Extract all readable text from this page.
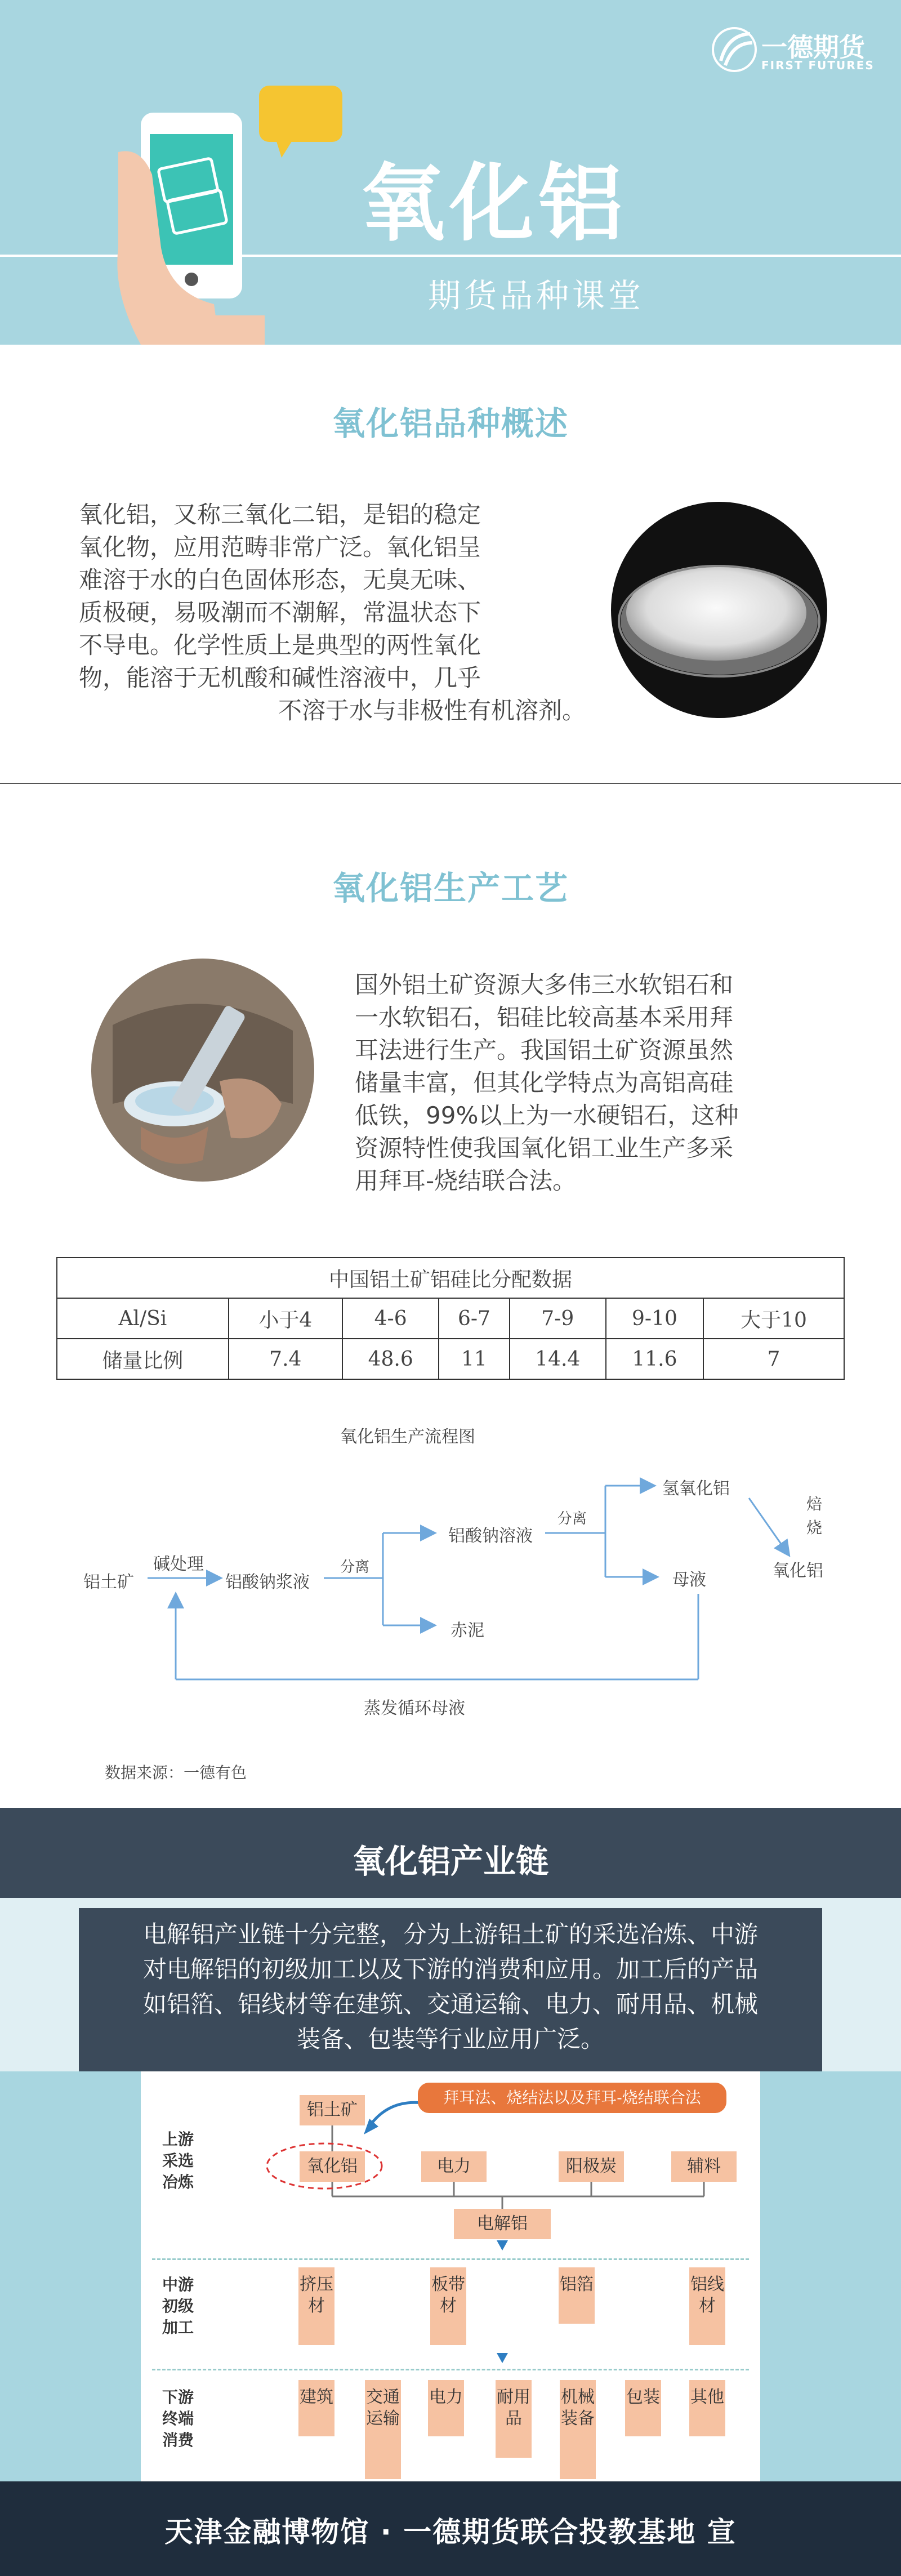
氧化铝
期货品种课堂
一德期货
FIRST FUTURES
氧化铝品种概述
氧化铝，又称三氧化二铝，是铝的稳定
氧化物，应用范畴非常广泛。氧化铝呈
难溶于水的白色固体形态，无臭无味、
质极硬，易吸潮而不潮解，常温状态下
不导电。化学性质上是典型的两性氧化
物，能溶于无机酸和碱性溶液中，几乎
不溶于水与非极性有机溶剂。
氧化铝生产工艺
国外铝土矿资源大多伟三水软铝石和
一水软铝石，铝硅比较高基本采用拜
耳法进行生产。我国铝土矿资源虽然
储量丰富，但其化学特点为高铝高硅
低铁，99%以上为一水硬铝石，这种
资源特性使我国氧化铝工业生产多采
用拜耳-烧结联合法。
中国铝土矿铝硅比分配数据						
Al/Si	小于4	4-6	6-7	7-9	9-10	大于10
储量比例	7.4	48.6	11	14.4	11.6	7
氧化铝生产流程图
铝土矿
碱处理
铝酸钠浆液
分离
铝酸钠溶液
赤泥
分离
氢氧化铝
焙烧
母液	氧化铝
蒸发循环母液
数据来源：一德有色
氧化铝产业链
电解铝产业链十分完整，分为上游铝土矿的采选冶炼、中游
对电解铝的初级加工以及下游的消费和应用。加工后的产品
如铝箔、铝线材等在建筑、交通运输、电力、耐用品、机械
装备、包装等行业应用广泛。
上游采选冶炼
中游初级加工
下游终端消费
铝土矿
拜耳法、烧结法以及拜耳-烧结联合法
氧化铝	电力	阳极炭	辅料
电解铝
挤压材
板带材
铝箔	铝线材
建筑 交通运输
电力 耐用品
机械装备
包装 其他
天津金融博物馆 · 一德期货联合投教基地 宣
